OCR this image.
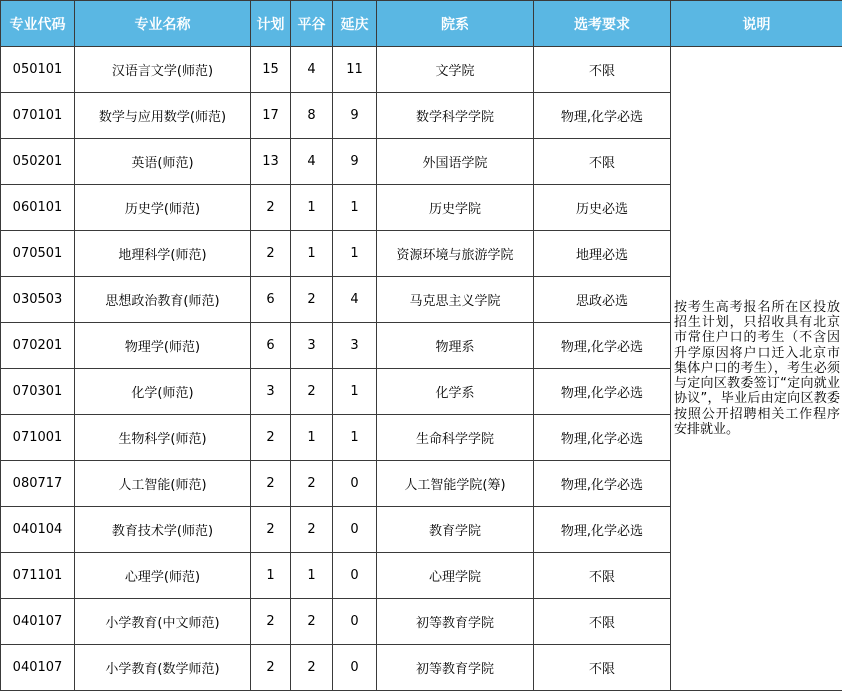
专业代码	专业名称	计划	平谷	延庆	院系	选考要求	说明
050101	汉语言文学(师范)	15	4	11	文学院	不限	按考生高考报名所在区投放招生计划，只招收具有北京市常住户口的考生（不含因升学原因将户口迁入北京市集体户口的考生），考生必须与定向区教委签订“定向就业协议”，毕业后由定向区教委按照公开招聘相关工作程序安排就业。
070101	数学与应用数学(师范)	17	8	9	数学科学学院	物理,化学必选	
050201	英语(师范)	13	4	9	外国语学院	不限	
060101	历史学(师范)	2	1	1	历史学院	历史必选	
070501	地理科学(师范)	2	1	1	资源环境与旅游学院	地理必选	
030503	思想政治教育(师范)	6	2	4	马克思主义学院	思政必选	
070201	物理学(师范)	6	3	3	物理系	物理,化学必选	
070301	化学(师范)	3	2	1	化学系	物理,化学必选	
071001	生物科学(师范)	2	1	1	生命科学学院	物理,化学必选	
080717	人工智能(师范)	2	2	0	人工智能学院(筹)	物理,化学必选	
040104	教育技术学(师范)	2	2	0	教育学院	物理,化学必选	
071101	心理学(师范)	1	1	0	心理学院	不限	
040107	小学教育(中文师范)	2	2	0	初等教育学院	不限	
040107	小学教育(数学师范)	2	2	0	初等教育学院	不限	
